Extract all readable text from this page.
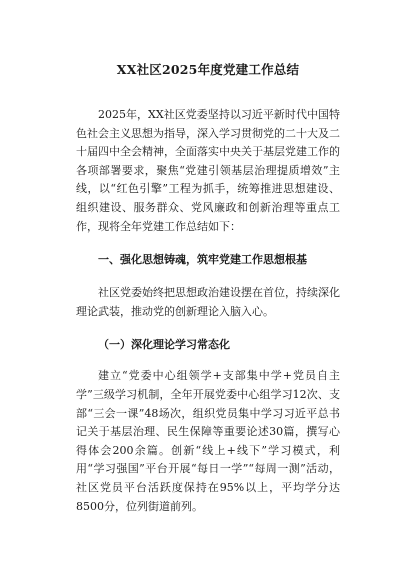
XX社区2025年度党建工作总结

2025年，XX社区党委坚持以习近平新时代中国特色社会主义思想为指导，深入学习贯彻党的二十大及二十届四中全会精神，全面落实中央关于基层党建工作的各项部署要求，聚焦“党建引领基层治理提质增效”主线，以“红色引擎”工程为抓手，统筹推进思想建设、组织建设、服务群众、党风廉政和创新治理等重点工作，现将全年党建工作总结如下：

一、强化思想铸魂，筑牢党建工作思想根基

社区党委始终把思想政治建设摆在首位，持续深化理论武装，推动党的创新理论入脑入心。

（一）深化理论学习常态化

建立“党委中心组领学+支部集中学+党员自主学”三级学习机制，全年开展党委中心组学习12次、支部“三会一课”48场次，组织党员集中学习习近平总书记关于基层治理、民生保障等重要论述30篇，撰写心得体会200余篇。创新“线上+线下”学习模式，利用“学习强国”平台开展“每日一学”“每周一测”活动，社区党员平台活跃度保持在95%以上，平均学分达8500分，位列街道前列。
